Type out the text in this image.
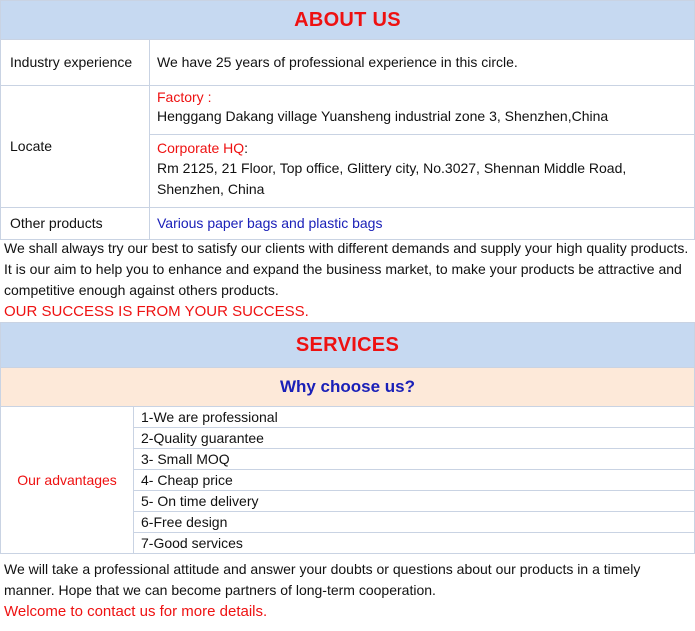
ABOUT US
Industry experience	We have 25 years of professional experience in this circle.
Locate	Factory :
Henggang Dakang village Yuansheng industrial zone 3, Shenzhen,China
Corporate HQ:
Rm 2125, 21 Floor, Top office, Glittery city, No.3027, Shennan Middle Road, Shenzhen, China

Other products	Various paper bags and plastic bags
We shall always try our best to satisfy our clients with different demands and supply your high quality products. It is our aim to help you to enhance and expand the business market, to make your products be attractive and competitive enough against others products.
OUR SUCCESS IS FROM YOUR SUCCESS.
SERVICES
Why choose us?
Our advantages	1-We are professional
2-Quality guarantee
3- Small MOQ
4- Cheap price
5- On time delivery
6-Free design
7-Good services
We will take a professional attitude and answer your doubts or questions about our products in a timely manner. Hope that we can become partners of long-term cooperation.
Welcome to contact us for more details.
